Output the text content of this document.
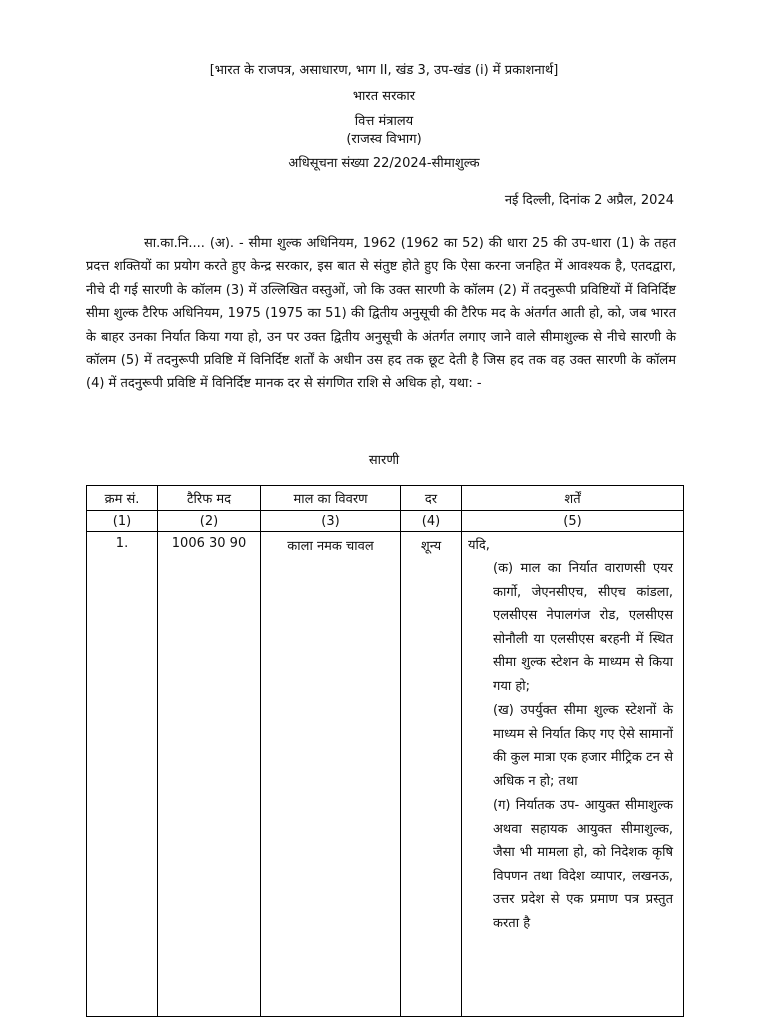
[भारत के राजपत्र, असाधारण, भाग II, खंड 3, उप-खंड (i) में प्रकाशनार्थ]
भारत सरकार
वित्त मंत्रालय
(राजस्व विभाग)
अधिसूचना संख्या 22/2024-सीमाशुल्क
नई दिल्ली, दिनांक 2 अप्रैल, 2024

सा.का.नि.... (अ). - सीमा शुल्क अधिनियम, 1962 (1962 का 52) की धारा 25 की उप-धारा (1) के तहत प्रदत्त शक्तियों का प्रयोग करते हुए केन्द्र सरकार, इस बात से संतुष्ट होते हुए कि ऐसा करना जनहित में आवश्यक है, एतदद्वारा, नीचे दी गई सारणी के कॉलम (3) में उल्लिखित वस्तुओं, जो कि उक्त सारणी के कॉलम (2) में तदनुरूपी प्रविष्टियों में विनिर्दिष्ट सीमा शुल्क टैरिफ अधिनियम, 1975 (1975 का 51) की द्वितीय अनुसूची की टैरिफ मद के अंतर्गत आती हो, को, जब भारत के बाहर उनका निर्यात किया गया हो, उन पर उक्त द्वितीय अनुसूची के अंतर्गत लगाए जाने वाले सीमाशुल्क से नीचे सारणी के कॉलम (5) में तदनुरूपी प्रविष्टि में विनिर्दिष्ट शर्तों के अधीन उस हद तक छूट देती है जिस हद तक वह उक्त सारणी के कॉलम (4) में तदनुरूपी प्रविष्टि में विनिर्दिष्ट मानक दर से संगणित राशि से अधिक हो, यथा: -

सारणी
क्रम सं.	टैरिफ मद	माल का विवरण	दर	शर्तें
(1)	(2)	(3)	(4)	(5)
1.	1006 30 90	काला नमक चावल	शून्य	यदि,

(क) माल का निर्यात वाराणसी एयर कार्गो, जेएनसीएच, सीएच कांडला, एलसीएस नेपालगंज रोड, एलसीएस सोनौली या एलसीएस बरहनी में स्थित सीमा शुल्क स्टेशन के माध्यम से किया गया हो;

(ख) उपर्युक्त सीमा शुल्क स्टेशनों के माध्यम से निर्यात किए गए ऐसे सामानों की कुल मात्रा एक हजार मीट्रिक टन से अधिक न हो; तथा

(ग) निर्यातक उप- आयुक्त सीमाशुल्क अथवा सहायक आयुक्त सीमाशुल्क, जैसा भी मामला हो, को निदेशक कृषि विपणन तथा विदेश व्यापार, लखनऊ, उत्तर प्रदेश से एक प्रमाण पत्र प्रस्तुत करता है
